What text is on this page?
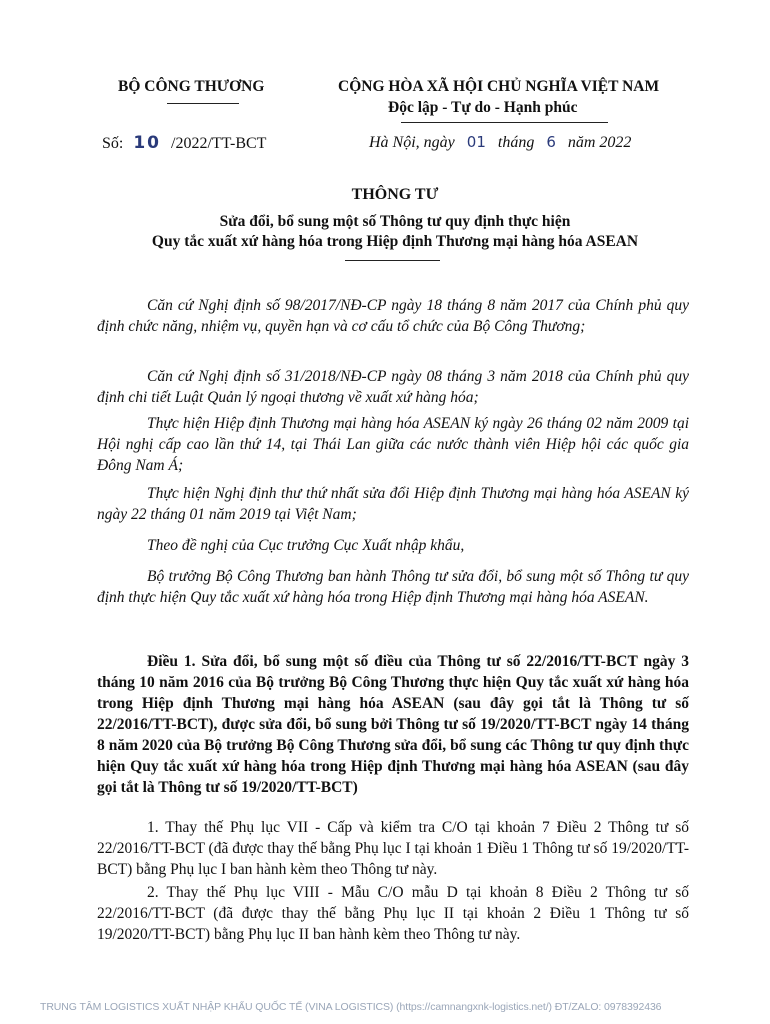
BỘ CÔNG THƯƠNG	CỘNG HÒA XÃ HỘI CHỦ NGHĨA VIỆT NAM
Độc lập - Tự do - Hạnh phúc
Số: 10 /2022/TT-BCT	Hà Nội, ngày 01 tháng 6 năm 2022
THÔNG TƯ
Sửa đổi, bổ sung một số Thông tư quy định thực hiện
Quy tắc xuất xứ hàng hóa trong Hiệp định Thương mại hàng hóa ASEAN
Căn cứ Nghị định số 98/2017/NĐ-CP ngày 18 tháng 8 năm 2017 của Chính phủ quy định chức năng, nhiệm vụ, quyền hạn và cơ cấu tổ chức của Bộ Công Thương;
Căn cứ Nghị định số 31/2018/NĐ-CP ngày 08 tháng 3 năm 2018 của Chính phủ quy định chi tiết Luật Quản lý ngoại thương về xuất xứ hàng hóa;
Thực hiện Hiệp định Thương mại hàng hóa ASEAN ký ngày 26 tháng 02 năm 2009 tại Hội nghị cấp cao lần thứ 14, tại Thái Lan giữa các nước thành viên Hiệp hội các quốc gia Đông Nam Á;
Thực hiện Nghị định thư thứ nhất sửa đổi Hiệp định Thương mại hàng hóa ASEAN ký ngày 22 tháng 01 năm 2019 tại Việt Nam;
Theo đề nghị của Cục trưởng Cục Xuất nhập khẩu,
Bộ trưởng Bộ Công Thương ban hành Thông tư sửa đổi, bổ sung một số Thông tư quy định thực hiện Quy tắc xuất xứ hàng hóa trong Hiệp định Thương mại hàng hóa ASEAN.
Điều 1. Sửa đổi, bổ sung một số điều của Thông tư số 22/2016/TT-BCT ngày 3 tháng 10 năm 2016 của Bộ trưởng Bộ Công Thương thực hiện Quy tắc xuất xứ hàng hóa trong Hiệp định Thương mại hàng hóa ASEAN (sau đây gọi tắt là Thông tư số 22/2016/TT-BCT), được sửa đổi, bổ sung bởi Thông tư số 19/2020/TT-BCT ngày 14 tháng 8 năm 2020 của Bộ trưởng Bộ Công Thương sửa đổi, bổ sung các Thông tư quy định thực hiện Quy tắc xuất xứ hàng hóa trong Hiệp định Thương mại hàng hóa ASEAN (sau đây gọi tắt là Thông tư số 19/2020/TT-BCT)
1. Thay thế Phụ lục VII - Cấp và kiểm tra C/O tại khoản 7 Điều 2 Thông tư số 22/2016/TT-BCT (đã được thay thế bằng Phụ lục I tại khoản 1 Điều 1 Thông tư số 19/2020/TT-BCT) bằng Phụ lục I ban hành kèm theo Thông tư này.
2. Thay thế Phụ lục VIII - Mẫu C/O mẫu D tại khoản 8 Điều 2 Thông tư số 22/2016/TT-BCT (đã được thay thế bằng Phụ lục II tại khoản 2 Điều 1 Thông tư số 19/2020/TT-BCT) bằng Phụ lục II ban hành kèm theo Thông tư này.
TRUNG TÂM LOGISTICS XUẤT NHẬP KHẨU QUỐC TẾ (VINA LOGISTICS) (https://camnangxnk-logistics.net/) ĐT/ZALO: 0978392436
